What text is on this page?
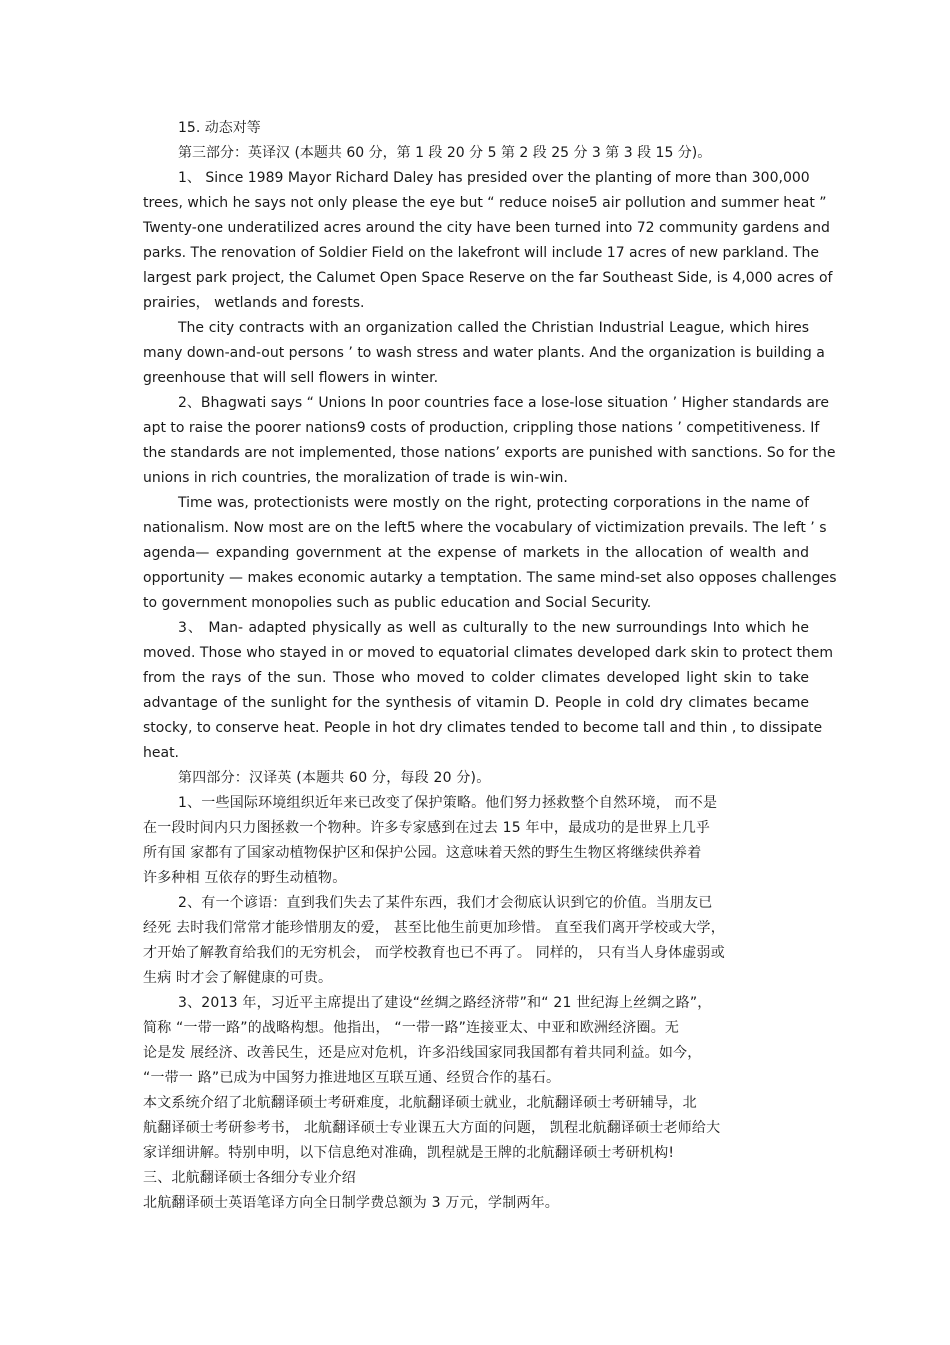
15. 动态对等

第三部分：英译汉 (本题共 60 分，第 1 段 20 分 5 第 2 段 25 分 3 第 3 段 15 分)。

1、 Since 1989 Mayor Richard Daley has presided over the planting of more than 300,000

trees, which he says not only please the eye but “ reduce noise5 air pollution and summer heat ”

Twenty-one underatilized acres around the city have been turned into 72 community gardens and

parks. The renovation of Soldier Field on the lakefront will include 17 acres of new parkland. The

largest park project, the Calumet Open Space Reserve on the far Southeast Side, is 4,000 acres of

prairies， wetlands and forests.

The city contracts with an organization called the Christian Industrial League, which hires

many down-and-out persons ’ to wash stress and water plants. And the organization is building a

greenhouse that will sell flowers in winter.

2、Bhagwati says “ Unions In poor countries face a lose-lose situation ’ Higher standards are

apt to raise the poorer nations9 costs of production, crippling those nations ’ competitiveness. If

the standards are not implemented, those nations’ exports are punished with sanctions. So for the

unions in rich countries, the moralization of trade is win-win.

Time was, protectionists were mostly on the right, protecting corporations in the name of

nationalism. Now most are on the left5 where the vocabulary of victimization prevails. The left ’ s

agenda— expanding government at the expense of markets in the allocation of wealth and

opportunity — makes economic autarky a temptation. The same mind-set also opposes challenges

to government monopolies such as public education and Social Security.

3、 Man- adapted physically as well as culturally to the new surroundings Into which he

moved. Those who stayed in or moved to equatorial climates developed dark skin to protect them

from the rays of the sun. Those who moved to colder climates developed light skin to take

advantage of the sunlight for the synthesis of vitamin D. People in cold dry climates became

stocky, to conserve heat. People in hot dry climates tended to become tall and thin , to dissipate

heat.

第四部分：汉译英 (本题共 60 分，每段 20 分)。

1、一些国际环境组织近年来已改变了保护策略。他们努力拯救整个自然环境， 而不是

在一段时间内只力图拯救一个物种。许多专家感到在过去 15 年中，最成功的是世界上几乎

所有国 家都有了国家动植物保护区和保护公园。这意味着天然的野生生物区将继续供养着

许多种相 互依存的野生动植物。

2、有一个谚语：直到我们失去了某件东西，我们才会彻底认识到它的价值。当朋友已

经死 去时我们常常才能珍惜朋友的爱， 甚至比他生前更加珍惜。 直至我们离开学校或大学，

才开始了解教育给我们的无穷机会， 而学校教育也已不再了。 同样的， 只有当人身体虚弱或

生病 时才会了解健康的可贵。

3、2013 年，习近平主席提出了建设“丝绸之路经济带”和“ 21 世纪海上丝绸之路”，

简称 “一带一路”的战略构想。他指出， “一带一路”连接亚太、中亚和欧洲经济圈。无

论是发 展经济、改善民生，还是应对危机，许多沿线国家同我国都有着共同利益。如今，

“一带一 路”已成为中国努力推进地区互联互通、经贸合作的基石。

本文系统介绍了北航翻译硕士考研难度，北航翻译硕士就业，北航翻译硕士考研辅导，北

航翻译硕士考研参考书， 北航翻译硕士专业课五大方面的问题， 凯程北航翻译硕士老师给大

家详细讲解。特别申明，以下信息绝对准确，凯程就是王牌的北航翻译硕士考研机构!

三、北航翻译硕士各细分专业介绍

北航翻译硕士英语笔译方向全日制学费总额为 3 万元，学制两年。
